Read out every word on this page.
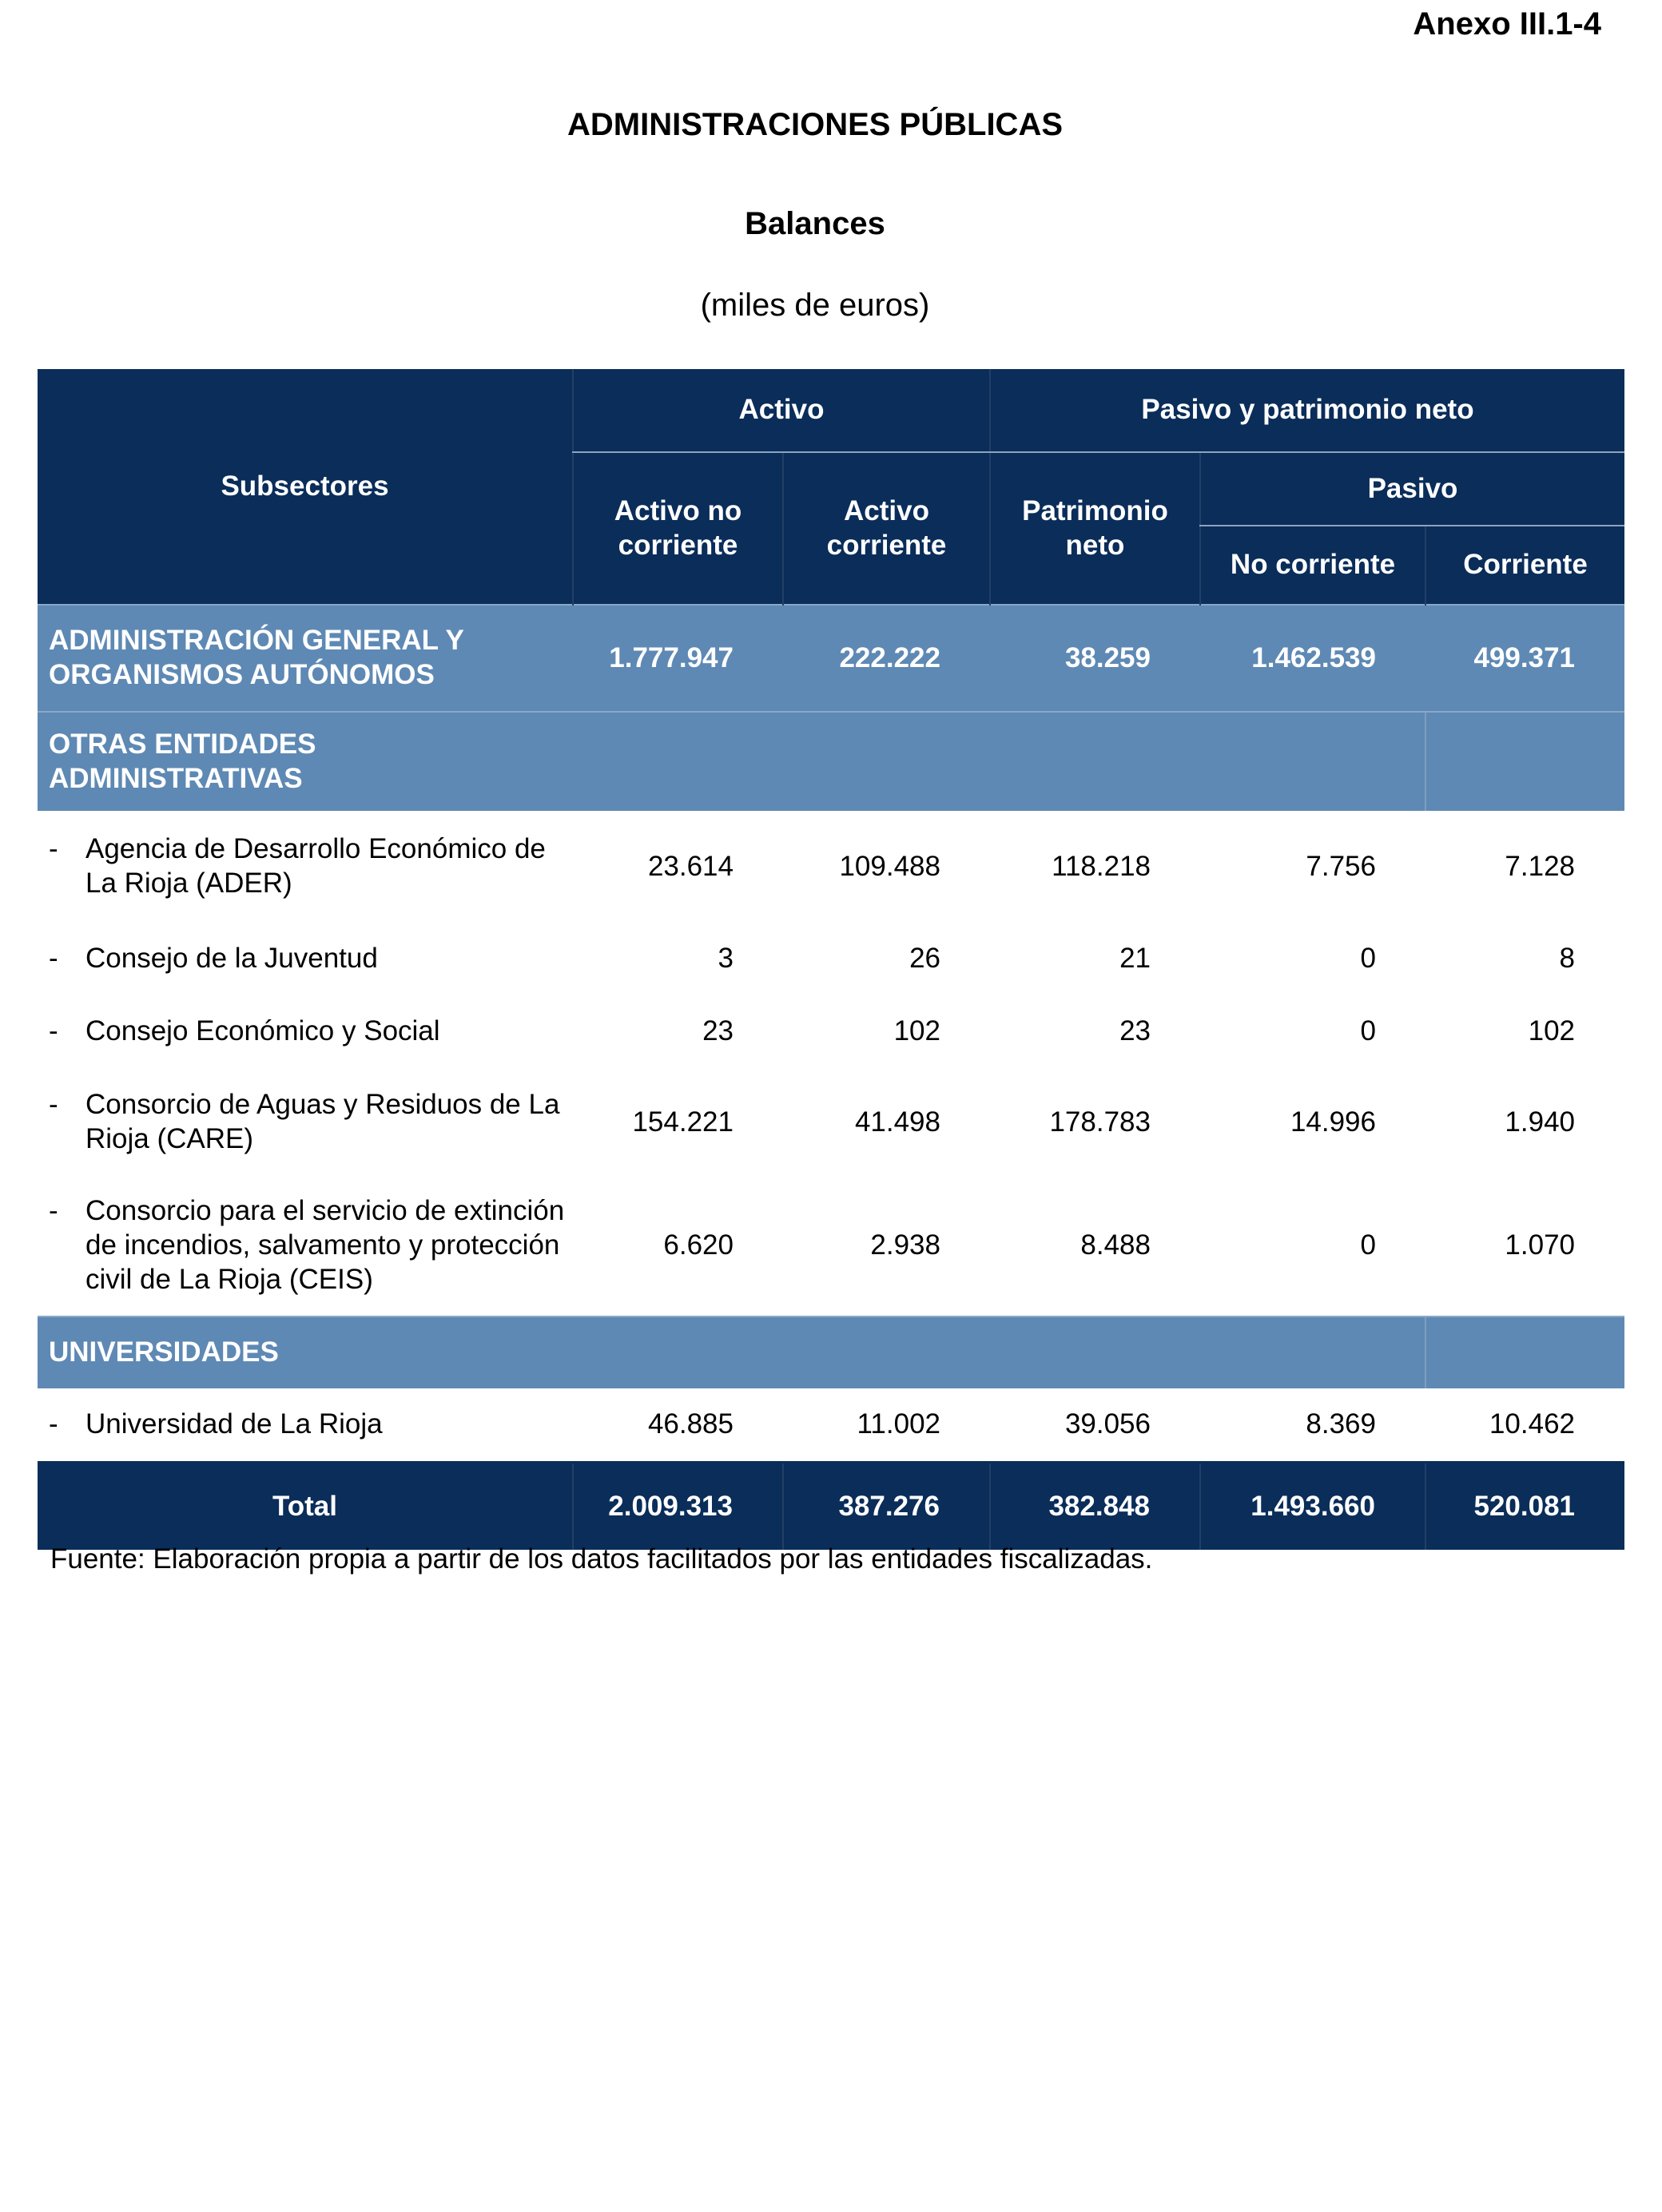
Anexo III.1-4
ADMINISTRACIONES PÚBLICAS
Balances
(miles de euros)
Subsectores	Activo		Pasivo y patrimonio neto		
	Activo no corriente	Activo corriente	Patrimonio neto	Pasivo	
				No corriente	Corriente
ADMINISTRACIÓN GENERAL Y ORGANISMOS AUTÓNOMOS	1.777.947	222.222	38.259	1.462.539	499.371
OTRAS ENTIDADES ADMINISTRATIVAS					

- Agencia de Desarrollo Económico de La Rioja (ADER)	23.614	109.488	118.218	7.756	7.128

- Consejo de la Juventud	3	26	21	0	8

- Consejo Económico y Social	23	102	23	0	102

- Consorcio de Aguas y Residuos de La Rioja (CARE)	154.221	41.498	178.783	14.996	1.940

- Consorcio para el servicio de extinción de incendios, salvamento y protección civil de La Rioja (CEIS)	6.620	2.938	8.488	0	1.070
UNIVERSIDADES					

- Universidad de La Rioja	46.885	11.002	39.056	8.369	10.462
Total	2.009.313	387.276	382.848	1.493.660	520.081
Fuente: Elaboración propia a partir de los datos facilitados por las entidades fiscalizadas.
